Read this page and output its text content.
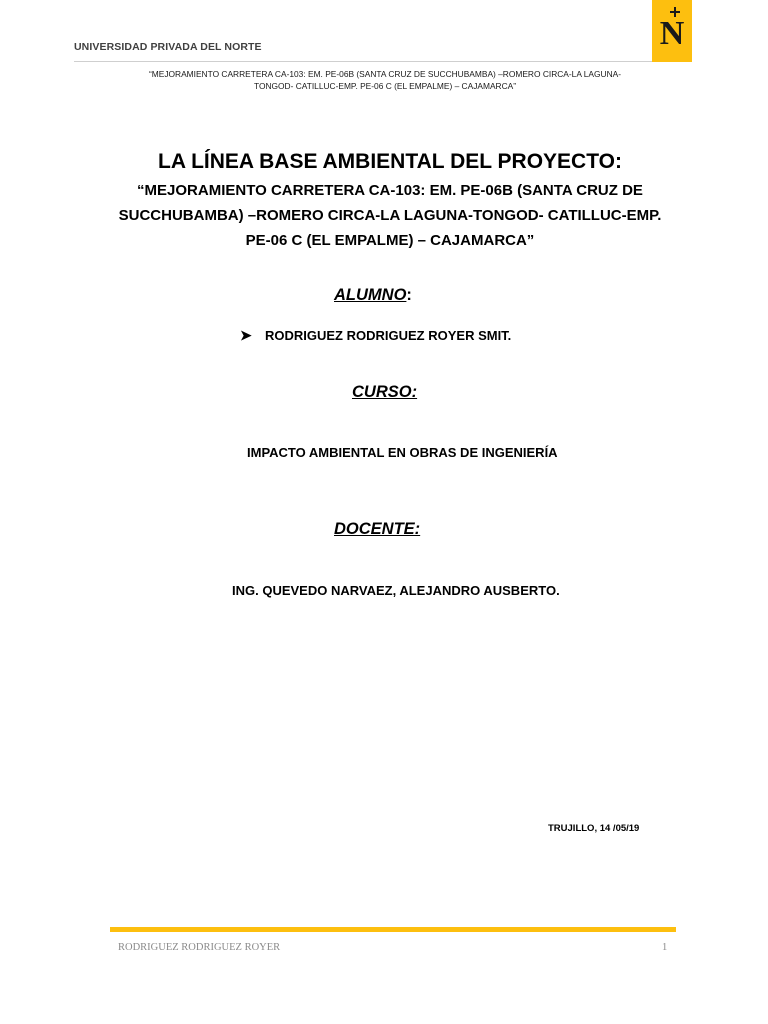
UNIVERSIDAD PRIVADA DEL NORTE	N
“MEJORAMIENTO CARRETERA CA-103: EM. PE-06B (SANTA CRUZ DE SUCCHUBAMBA) –ROMERO CIRCA-LA LAGUNA-
TONGOD- CATILLUC-EMP. PE-06 C (EL EMPALME) – CAJAMARCA”
LA LÍNEA BASE AMBIENTAL DEL PROYECTO:
“MEJORAMIENTO CARRETERA CA-103: EM. PE-06B (SANTA CRUZ DE
SUCCHUBAMBA) –ROMERO CIRCA-LA LAGUNA-TONGOD- CATILLUC-EMP.
PE-06 C (EL EMPALME) – CAJAMARCA”
ALUMNO:
➤ RODRIGUEZ RODRIGUEZ ROYER SMIT.
CURSO:
IMPACTO AMBIENTAL EN OBRAS DE INGENIERÍA
DOCENTE:
ING. QUEVEDO NARVAEZ, ALEJANDRO AUSBERTO.
TRUJILLO, 14 /05/19
RODRIGUEZ RODRIGUEZ ROYER	1
